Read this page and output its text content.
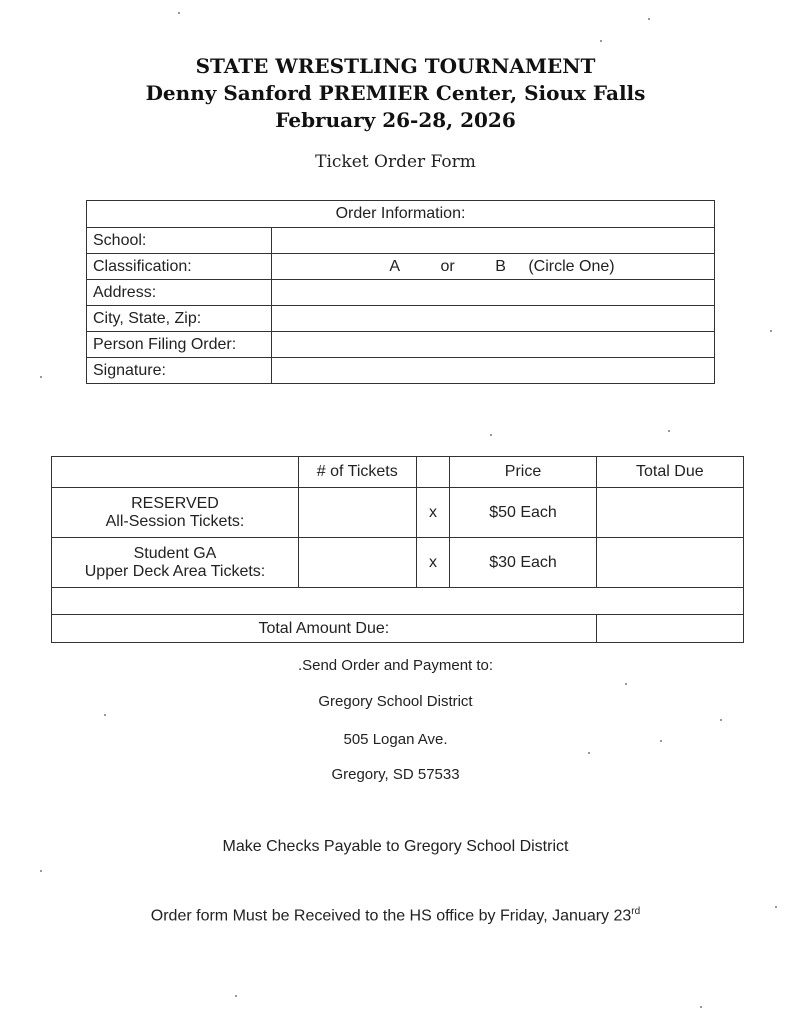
STATE WRESTLING TOURNAMENT
Denny Sanford PREMIER Center, Sioux Falls
February 26-28, 2026
Ticket Order Form
Order Information:	
School:	
Classification:	A or B (Circle One)
Address:	
City, State, Zip:	
Person Filing Order:	
Signature:	
	# of Tickets		Price	Total Due

RESERVED
All-Session Tickets:		x	$50 Each	

Student GA
Upper Deck Area Tickets:		x	$30 Each	

Total Amount Due:				
.Send Order and Payment to:
Gregory School District
505 Logan Ave.
Gregory, SD 57533
Make Checks Payable to Gregory School District
Order form Must be Received to the HS office by Friday, January 23rd
